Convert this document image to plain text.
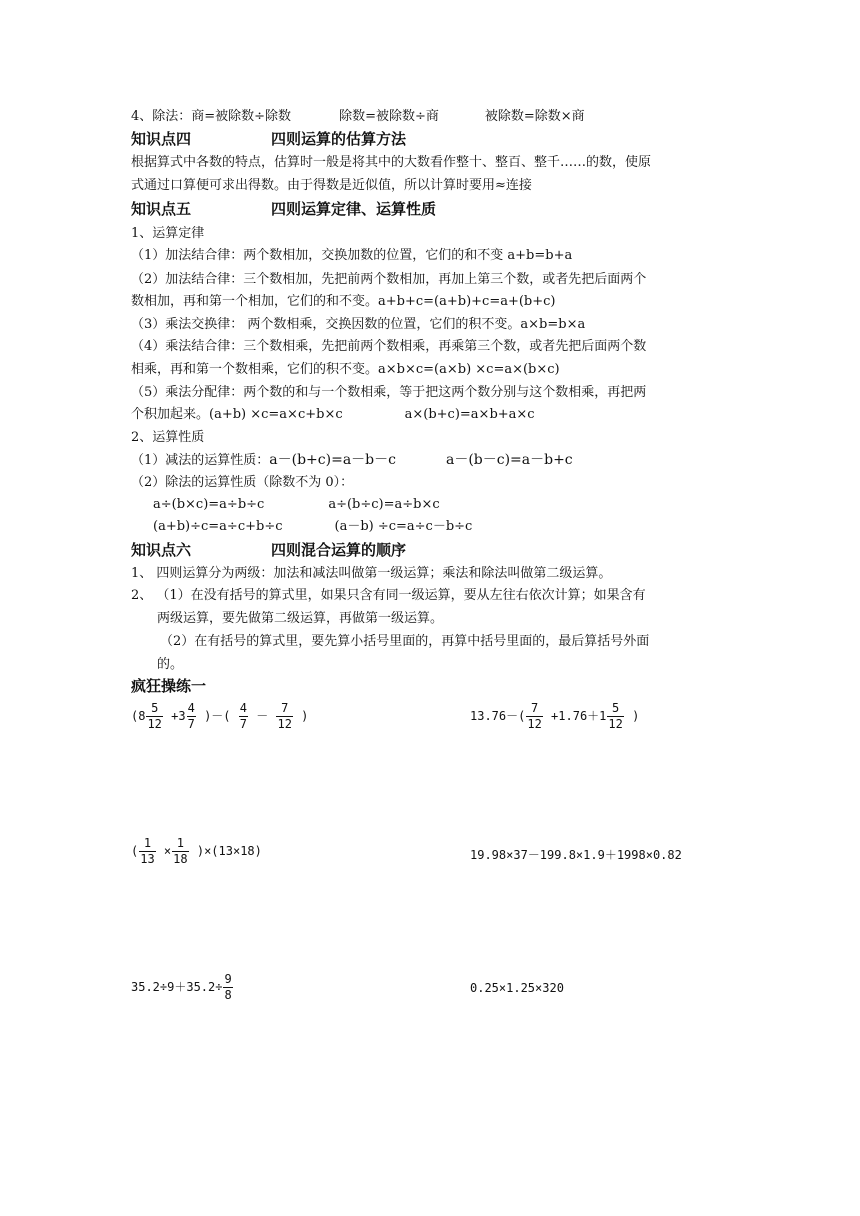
4、除法：商=被除数÷除数	除数=被除数÷商	被除数=除数×商
知识点四	四则运算的估算方法
根据算式中各数的特点，估算时一般是将其中的大数看作整十、整百、整千……的数，使原
式通过口算便可求出得数。由于得数是近似值，所以计算时要用≈连接
知识点五	四则运算定律、运算性质
1、运算定律
（1）加法结合律：两个数相加，交换加数的位置，它们的和不变 a+b=b+a
（2）加法结合律：三个数相加，先把前两个数相加，再加上第三个数，或者先把后面两个
数相加，再和第一个相加，它们的和不变。a+b+c=(a+b)+c=a+(b+c)
（3）乘法交换律： 两个数相乘，交换因数的位置，它们的积不变。a×b=b×a
（4）乘法结合律：三个数相乘，先把前两个数相乘，再乘第三个数，或者先把后面两个数
相乘，再和第一个数相乘，它们的积不变。a×b×c=(a×b) ×c=a×(b×c)
（5）乘法分配律：两个数的和与一个数相乘，等于把这两个数分别与这个数相乘，再把两
个积加起来。(a+b) ×c=a×c+b×c	a×(b+c)=a×b+a×c
2、运算性质
（1）减法的运算性质：a－(b+c)=a－b－c	a－(b－c)=a－b+c
（2）除法的运算性质（除数不为 0）：
a÷(b×c)=a÷b÷c	a÷(b÷c)=a÷b×c
(a+b)÷c=a÷c+b÷c	(a－b) ÷c=a÷c－b÷c
知识点六	四则混合运算的顺序
1、 四则运算分为两级：加法和减法叫做第一级运算；乘法和除法叫做第二级运算。
2、 （1）在没有括号的算式里，如果只含有同一级运算，要从左往右依次计算；如果含有
两级运算，要先做第二级运算，再做第一级运算。
（2）在有括号的算式里，要先算小括号里面的，再算中括号里面的，最后算括号外面
的。
疯狂操练一
($8 \frac{5}{12} +3 \frac{4}{7}$ )－( $\frac{4}{7} - \frac{7}{12}$ )	$13.76-( \frac{7}{12} +1.76+1 \frac{5}{12}$ )
( $\frac{1}{13} \times \frac{1}{18} )\times(13\times 18)$	19.98×37－199.8×1.9＋1998×0.82
$35.2\div 9+35.2\div \frac{9}{8}$	0.25×1.25×320
